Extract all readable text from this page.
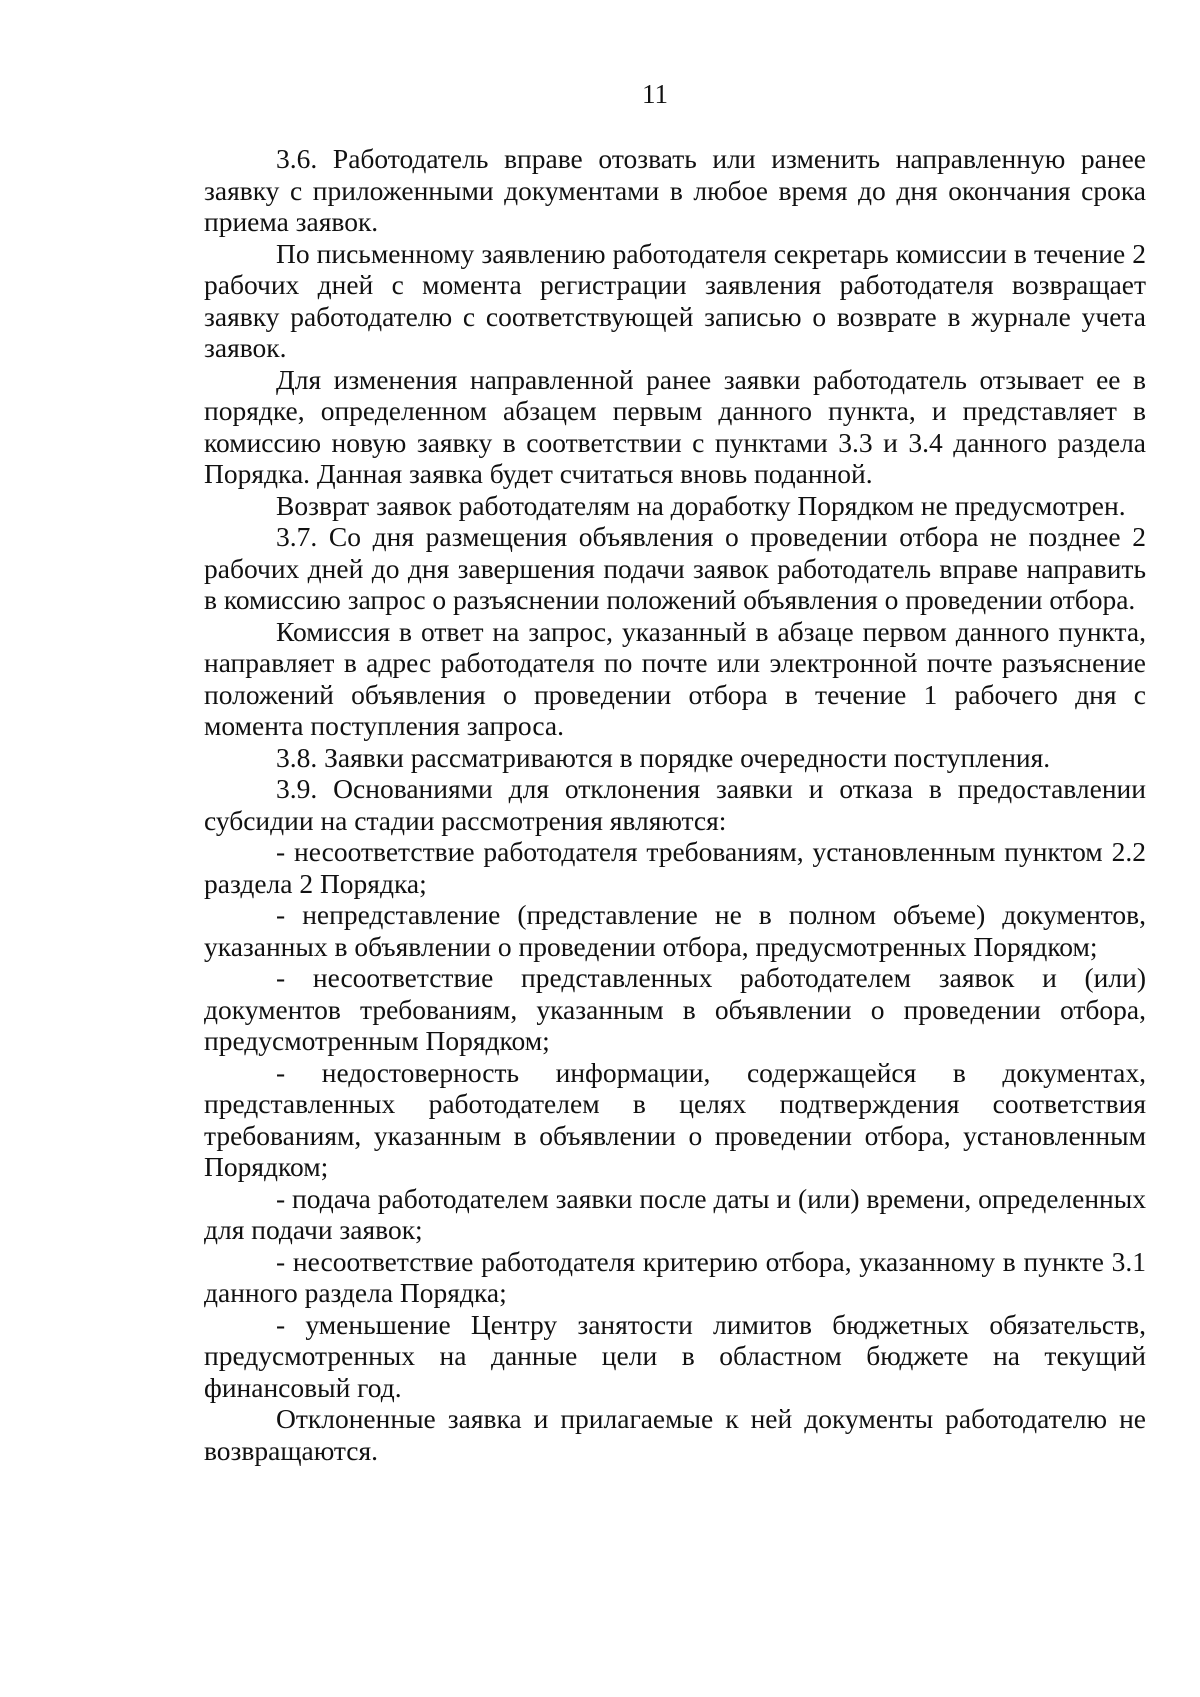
11

3.6. Работодатель вправе отозвать или изменить направленную ранее заявку с приложенными документами в любое время до дня окончания срока приема заявок.

По письменному заявлению работодателя секретарь комиссии в течение 2 рабочих дней с момента регистрации заявления работодателя возвращает заявку работодателю с соответствующей записью о возврате в журнале учета заявок.

Для изменения направленной ранее заявки работодатель отзывает ее в порядке, определенном абзацем первым данного пункта, и представляет в комиссию новую заявку в соответствии с пунктами 3.3 и 3.4 данного раздела Порядка. Данная заявка будет считаться вновь поданной.

Возврат заявок работодателям на доработку Порядком не предусмотрен.

3.7. Со дня размещения объявления о проведении отбора не позднее 2 рабочих дней до дня завершения подачи заявок работодатель вправе направить в комиссию запрос о разъяснении положений объявления о проведении отбора.

Комиссия в ответ на запрос, указанный в абзаце первом данного пункта, направляет в адрес работодателя по почте или электронной почте разъяснение положений объявления о проведении отбора в течение 1 рабочего дня с момента поступления запроса.

3.8. Заявки рассматриваются в порядке очередности поступления.

3.9. Основаниями для отклонения заявки и отказа в предоставлении субсидии на стадии рассмотрения являются:

- несоответствие работодателя требованиям, установленным пунктом 2.2 раздела 2 Порядка;

- непредставление (представление не в полном объеме) документов, указанных в объявлении о проведении отбора, предусмотренных Порядком;

- несоответствие представленных работодателем заявок и (или) документов требованиям, указанным в объявлении о проведении отбора, предусмотренным Порядком;

- недостоверность информации, содержащейся в документах, представленных работодателем в целях подтверждения соответствия требованиям, указанным в объявлении о проведении отбора, установленным Порядком;

- подача работодателем заявки после даты и (или) времени, определенных для подачи заявок;

- несоответствие работодателя критерию отбора, указанному в пункте 3.1 данного раздела Порядка;

- уменьшение Центру занятости лимитов бюджетных обязательств, предусмотренных на данные цели в областном бюджете на текущий финансовый год.

Отклоненные заявка и прилагаемые к ней документы работодателю не возвращаются.
